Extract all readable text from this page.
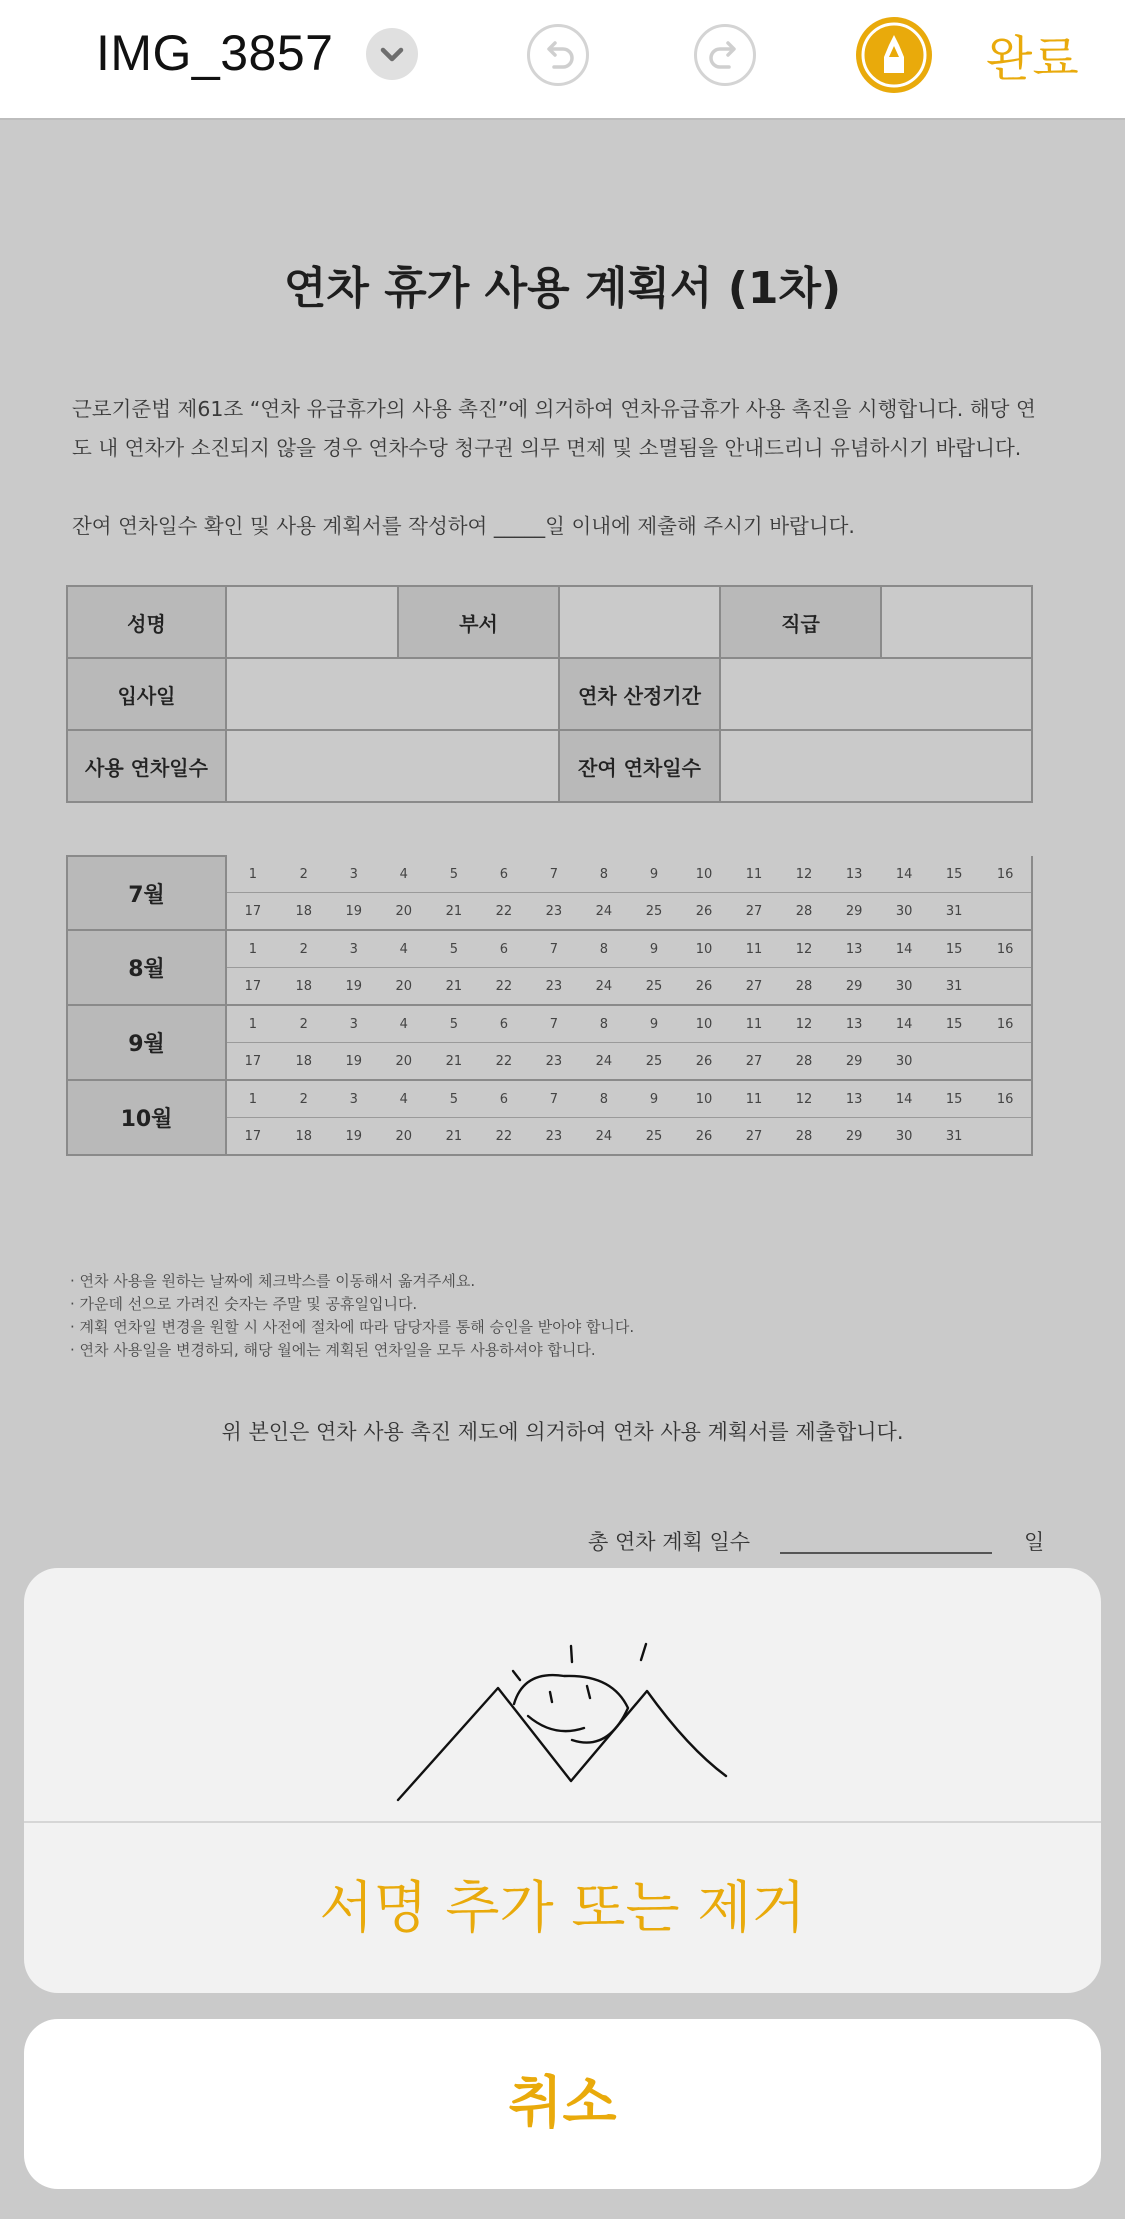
IMG_3857	완료
연차 휴가 사용 계획서 (1차)
근로기준법 제61조 “연차 유급휴가의 사용 촉진”에 의거하여 연차유급휴가 사용 촉진을 시행합니다. 해당 연
도 내 연차가 소진되지 않을 경우 연차수당 청구권 의무 면제 및 소멸됨을 안내드리니 유념하시기 바랍니다.
잔여 연차일수 확인 및 사용 계획서를 작성하여 _____일 이내에 제출해 주시기 바랍니다.
성명		부서		직급	
입사일			연차 산정기간		
사용 연차일수			잔여 연차일수		
7월	1	2	3	4	5	6	7	8	9	10	11	12	13	14	15	16
	17	18	19	20	21	22	23	24	25	26	27	28	29	30	31	
8월	1	2	3	4	5	6	7	8	9	10	11	12	13	14	15	16
	17	18	19	20	21	22	23	24	25	26	27	28	29	30	31	
9월	1	2	3	4	5	6	7	8	9	10	11	12	13	14	15	16
	17	18	19	20	21	22	23	24	25	26	27	28	29	30		
10월	1	2	3	4	5	6	7	8	9	10	11	12	13	14	15	16
	17	18	19	20	21	22	23	24	25	26	27	28	29	30	31	
· 연차 사용을 원하는 날짜에 체크박스를 이동해서 옮겨주세요.
· 가운데 선으로 가려진 숫자는 주말 및 공휴일입니다.
· 계획 연차일 변경을 원할 시 사전에 절차에 따라 담당자를 통해 승인을 받아야 합니다.
· 연차 사용일을 변경하되, 해당 월에는 계획된 연차일을 모두 사용하셔야 합니다.
위 본인은 연차 사용 촉진 제도에 의거하여 연차 사용 계획서를 제출합니다.
총 연차 계획 일수	일
서명 추가 또는 제거
취소
